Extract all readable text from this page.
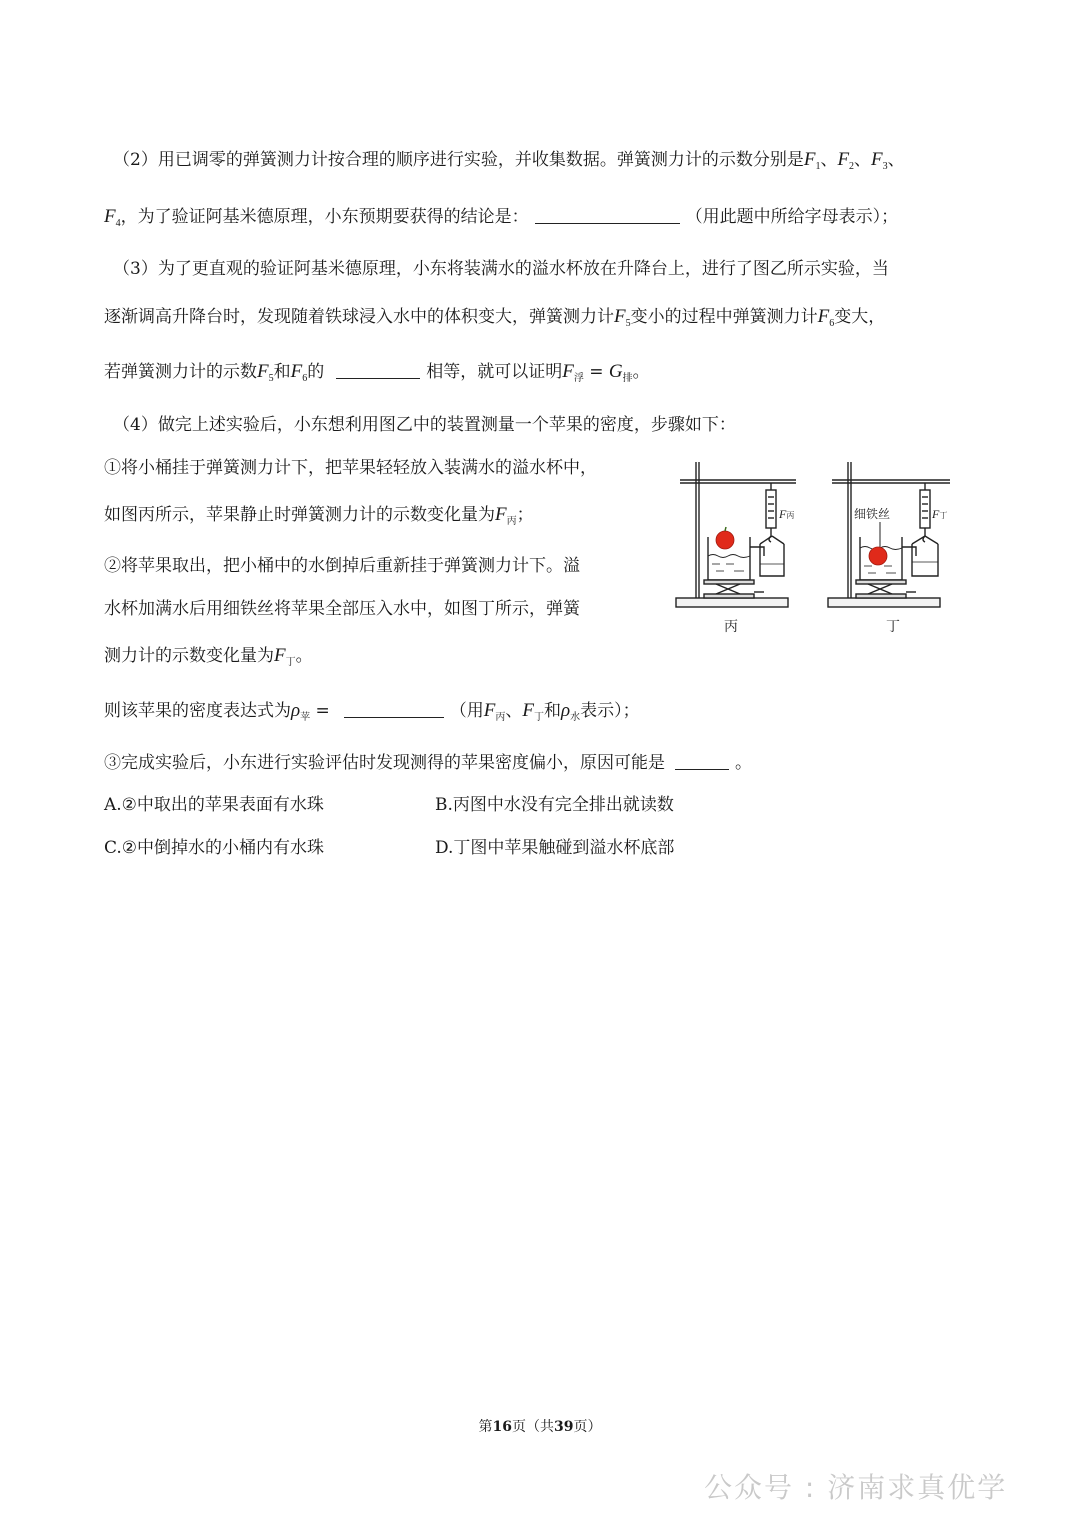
（2）用已调零的弹簧测力计按合理的顺序进行实验，并收集数据。弹簧测力计的示数分别是$F_1$、$F_2$、$F_3$、
$F_4$，为了验证阿基米德原理，小东预期要获得的结论是：	（用此题中所给字母表示）；
（3）为了更直观的验证阿基米德原理，小东将装满水的溢水杯放在升降台上，进行了图乙所示实验，当
逐渐调高升降台时，发现随着铁球浸入水中的体积变大，弹簧测力计$F_5$变小的过程中弹簧测力计$F_6$变大，
若弹簧测力计的示数$F_5$和$F_6$的	相等，就可以证明$F_浮 = G_排$。
（4）做完上述实验后，小东想利用图乙中的装置测量一个苹果的密度，步骤如下：
①将小桶挂于弹簧测力计下，把苹果轻轻放入装满水的溢水杯中，
如图丙所示，苹果静止时弹簧测力计的示数变化量为$F_丙$；
②将苹果取出，把小桶中的水倒掉后重新挂于弹簧测力计下。溢
水杯加满水后用细铁丝将苹果全部压入水中，如图丁所示，弹簧
测力计的示数变化量为$F_丁$。
则该苹果的密度表达式为$\rho_苹$ =	（用$F_丙$、$F_丁$和$\rho_水$表示）；
③完成实验后，小东进行实验评估时发现测得的苹果密度偏小，原因可能是	。
A.②中取出的苹果表面有水珠	B.丙图中水没有完全排出就读数
C.②中倒掉水的小桶内有水珠	D.丁图中苹果触碰到溢水杯底部
F丙
丙
细铁丝	F丁
丁
第16页（共39页）
公众号 : 济南求真优学
